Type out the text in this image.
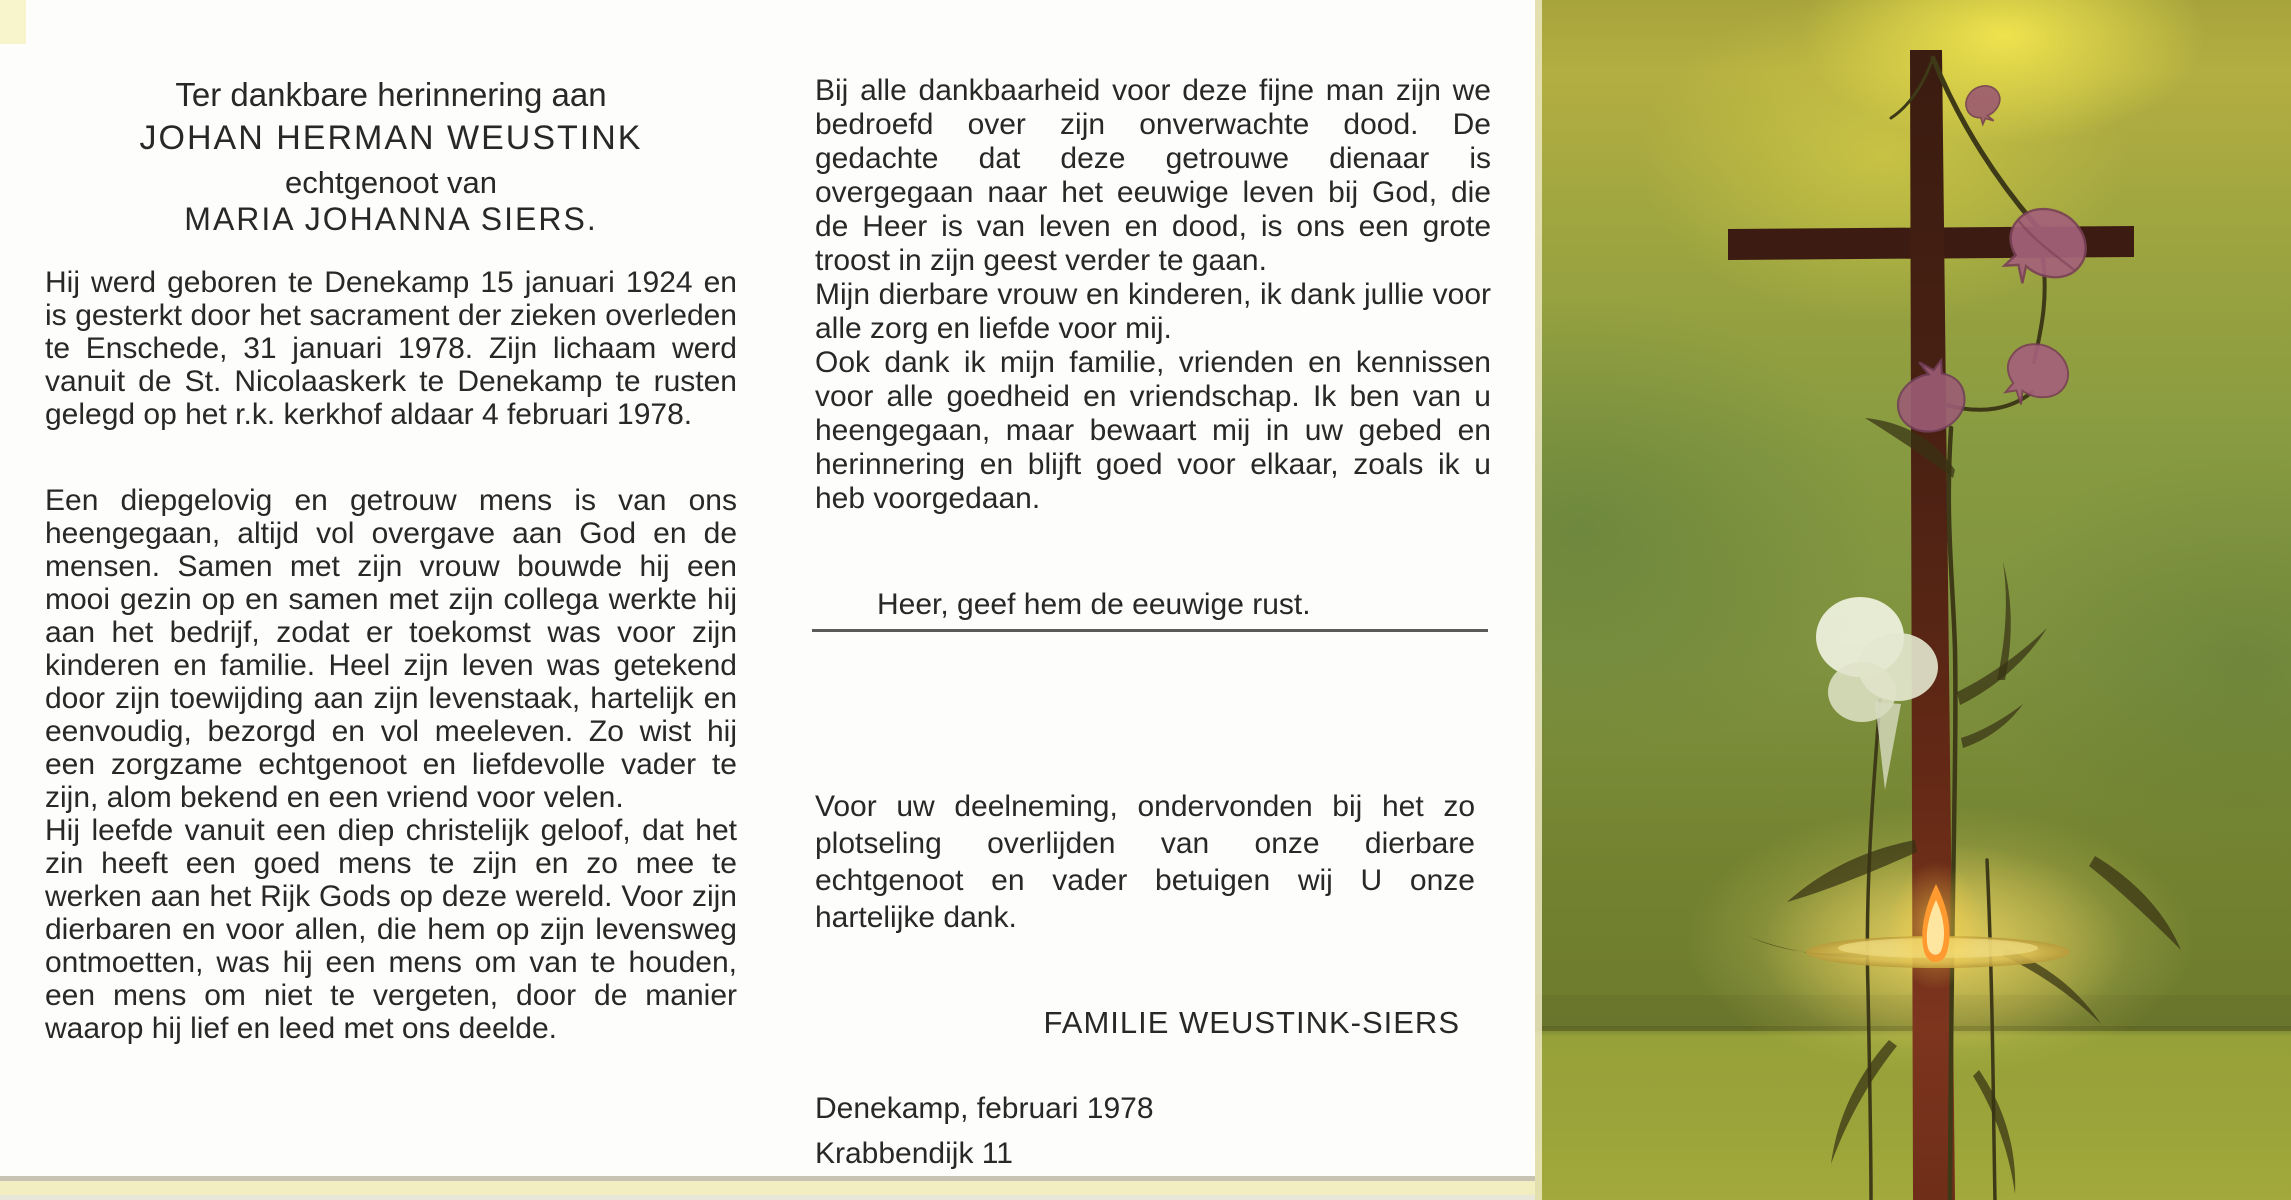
Ter dankbare herinnering aan
JOHAN HERMAN WEUSTINK
echtgenoot van
MARIA JOHANNA SIERS.
Hij werd geboren te Denekamp 15 januari 1924 en is gesterkt door het sacrament der zieken overleden te Enschede, 31 januari 1978. Zijn lichaam werd vanuit de St. Nicolaaskerk te Denekamp te rusten gelegd op het r.k. kerkhof aldaar 4 februari 1978.

Een diepgelovig en getrouw mens is van ons heengegaan, altijd vol overgave aan God en de mensen. Samen met zijn vrouw bouwde hij een mooi gezin op en samen met zijn collega werkte hij aan het bedrijf, zodat er toekomst was voor zijn kinderen en familie. Heel zijn leven was getekend door zijn toewijding aan zijn levenstaak, hartelijk en eenvoudig, bezorgd en vol meeleven. Zo wist hij een zorgzame echtgenoot en liefdevolle vader te zijn, alom bekend en een vriend voor velen.

Hij leefde vanuit een diep christelijk geloof, dat het zin heeft een goed mens te zijn en zo mee te werken aan het Rijk Gods op deze wereld. Voor zijn dierbaren en voor allen, die hem op zijn levensweg ontmoetten, was hij een mens om van te houden, een mens om niet te vergeten, door de manier waarop hij lief en leed met ons deelde.

Bij alle dankbaarheid voor deze fijne man zijn we bedroefd over zijn onverwachte dood. De gedachte dat deze getrouwe dienaar is overgegaan naar het eeuwige leven bij God, die de Heer is van leven en dood, is ons een grote troost in zijn geest verder te gaan.

Mijn dierbare vrouw en kinderen, ik dank jullie voor alle zorg en liefde voor mij.

Ook dank ik mijn familie, vrienden en kennissen voor alle goedheid en vriendschap. Ik ben van u heengegaan, maar bewaart mij in uw gebed en herinnering en blijft goed voor elkaar, zoals ik u heb voorgedaan.

Heer, geef hem de eeuwige rust.
Voor uw deelneming, ondervonden bij het zo plotseling overlijden van onze dierbare echtgenoot en vader betuigen wij U onze hartelijke dank.
FAMILIE WEUSTINK-SIERS
Denekamp, februari 1978
Krabbendijk 11
